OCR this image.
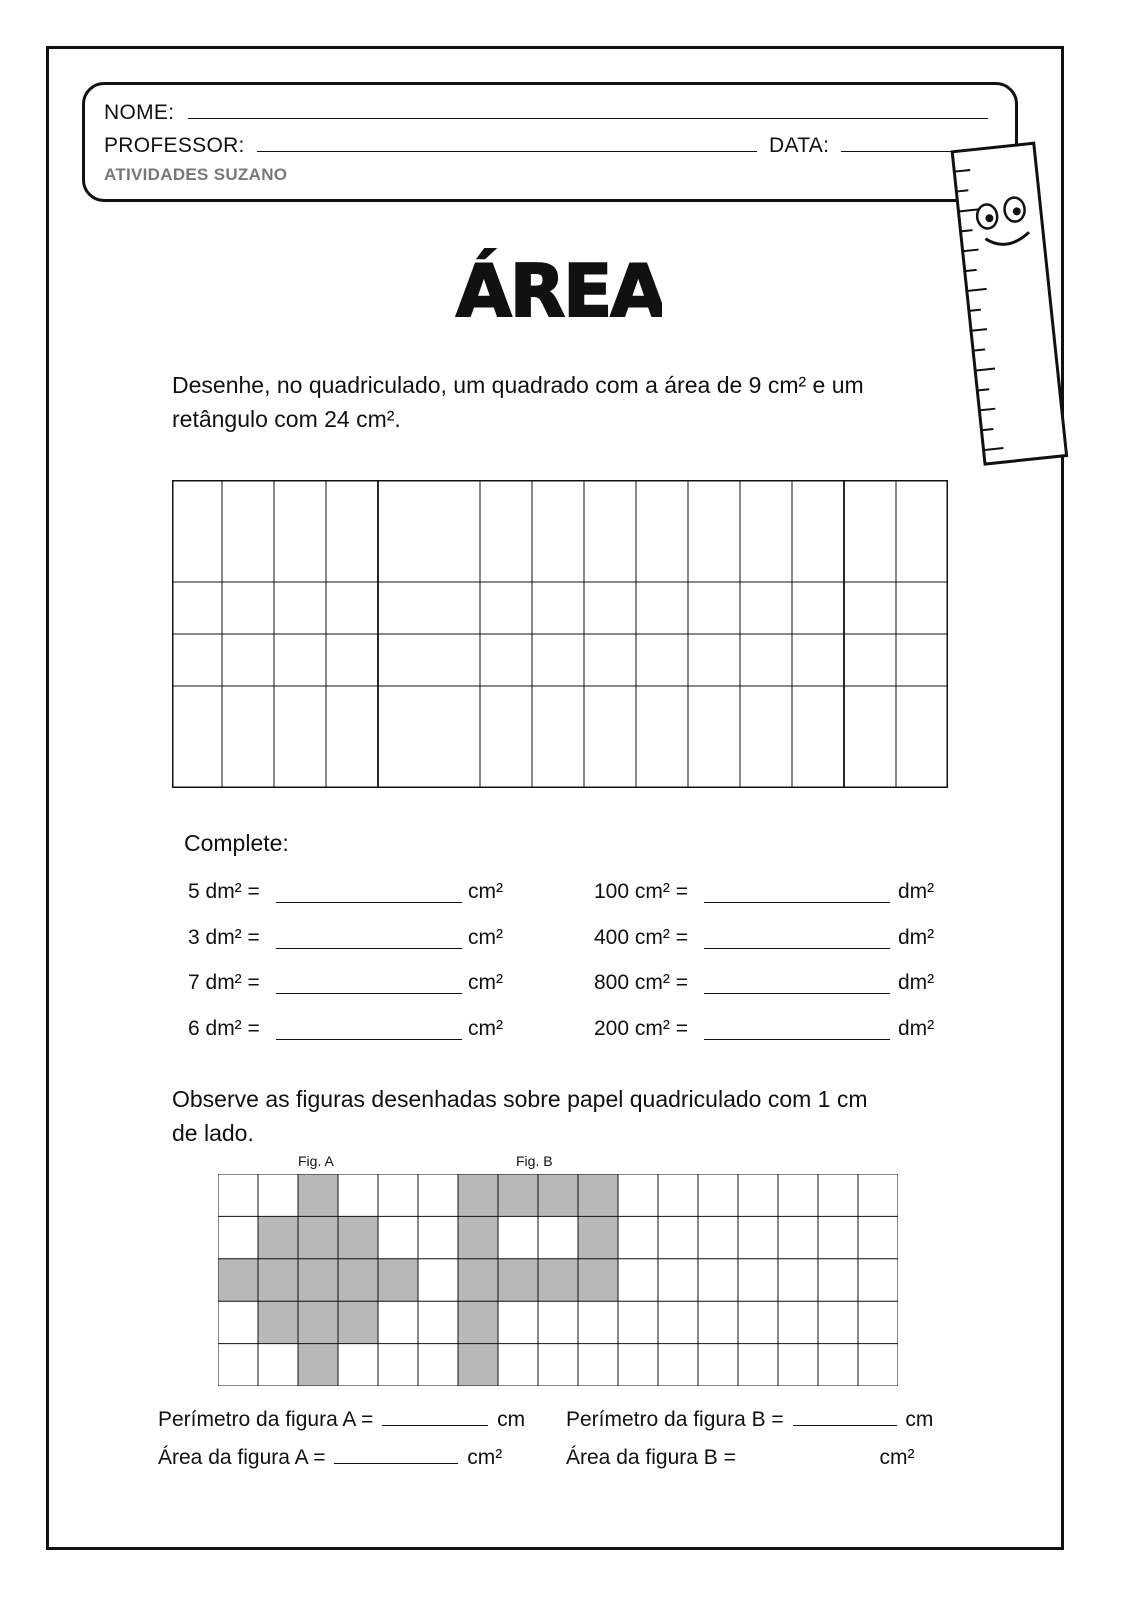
NOME:
PROFESSOR:	DATA:
ATIVIDADES SUZANO
ÁREA
Desenhe, no quadriculado, um quadrado com a área de 9 cm² e um
retângulo com 24 cm².
Complete:
Observe as figuras desenhadas sobre papel quadriculado com 1 cm
de lado.
Fig. A	Fig. B
Perímetro da figura A =	cm Perímetro da figura B =	cm
Área da figura A =	cm²	Área da figura B =	cm²
5 dm² =	cm²
3 dm² =	cm²
7 dm² =	cm²
6 dm² =	cm²
100 cm² =	dm²
400 cm² =	dm²
800 cm² =	dm²
200 cm² =	dm²
